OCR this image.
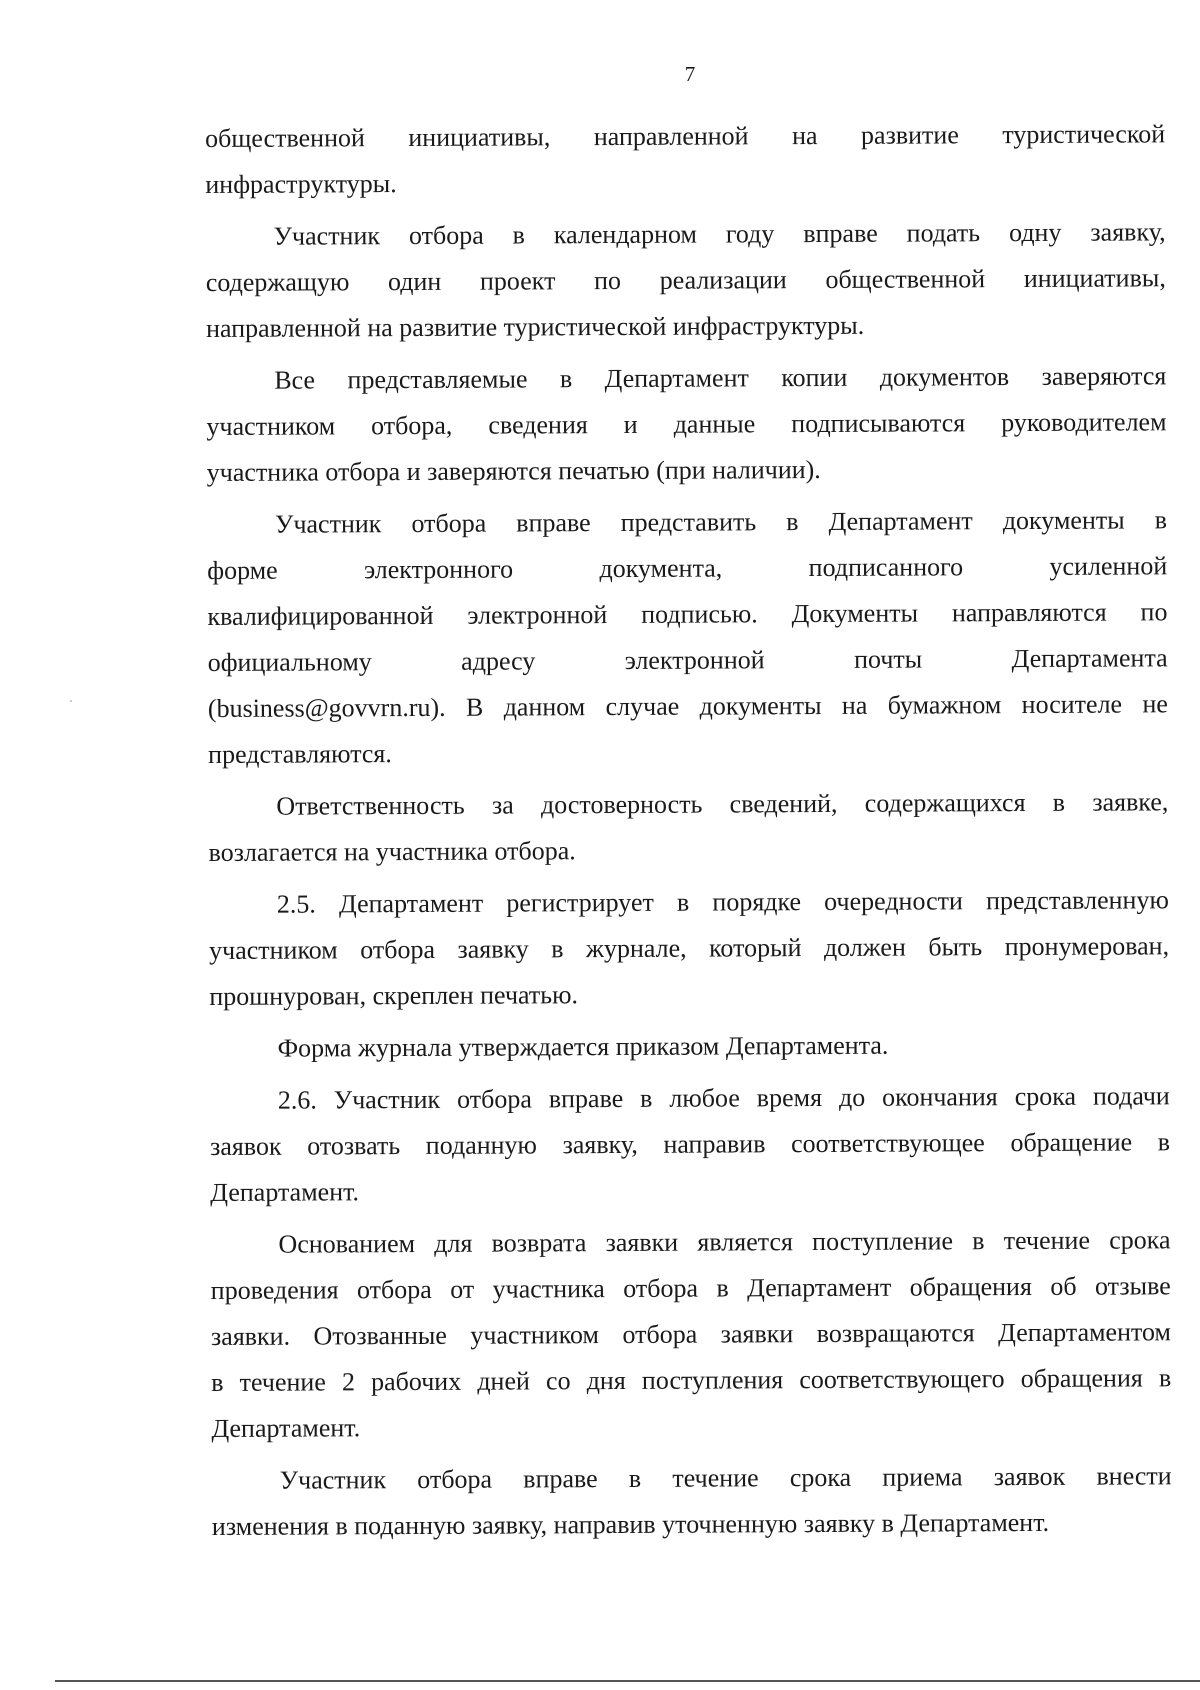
7

общественной инициативы, направленной на развитие туристической
инфраструктуры.

Участник отбора в календарном году вправе подать одну заявку,
содержащую один проект по реализации общественной инициативы,
направленной на развитие туристической инфраструктуры.

Все представляемые в Департамент копии документов заверяются
участником отбора, сведения и данные подписываются руководителем
участника отбора и заверяются печатью (при наличии).

Участник отбора вправе представить в Департамент документы в
форме электронного документа, подписанного усиленной
квалифицированной электронной подписью. Документы направляются по
официальному адресу электронной почты Департамента
(business@govvrn.ru). В данном случае документы на бумажном носителе не
представляются.

Ответственность за достоверность сведений, содержащихся в заявке,
возлагается на участника отбора.

2.5. Департамент регистрирует в порядке очередности представленную
участником отбора заявку в журнале, который должен быть пронумерован,
прошнурован, скреплен печатью.

Форма журнала утверждается приказом Департамента.

2.6. Участник отбора вправе в любое время до окончания срока подачи
заявок отозвать поданную заявку, направив соответствующее обращение в
Департамент.

Основанием для возврата заявки является поступление в течение срока
проведения отбора от участника отбора в Департамент обращения об отзыве
заявки. Отозванные участником отбора заявки возвращаются Департаментом
в течение 2 рабочих дней со дня поступления соответствующего обращения в
Департамент.

Участник отбора вправе в течение срока приема заявок внести
изменения в поданную заявку, направив уточненную заявку в Департамент.
